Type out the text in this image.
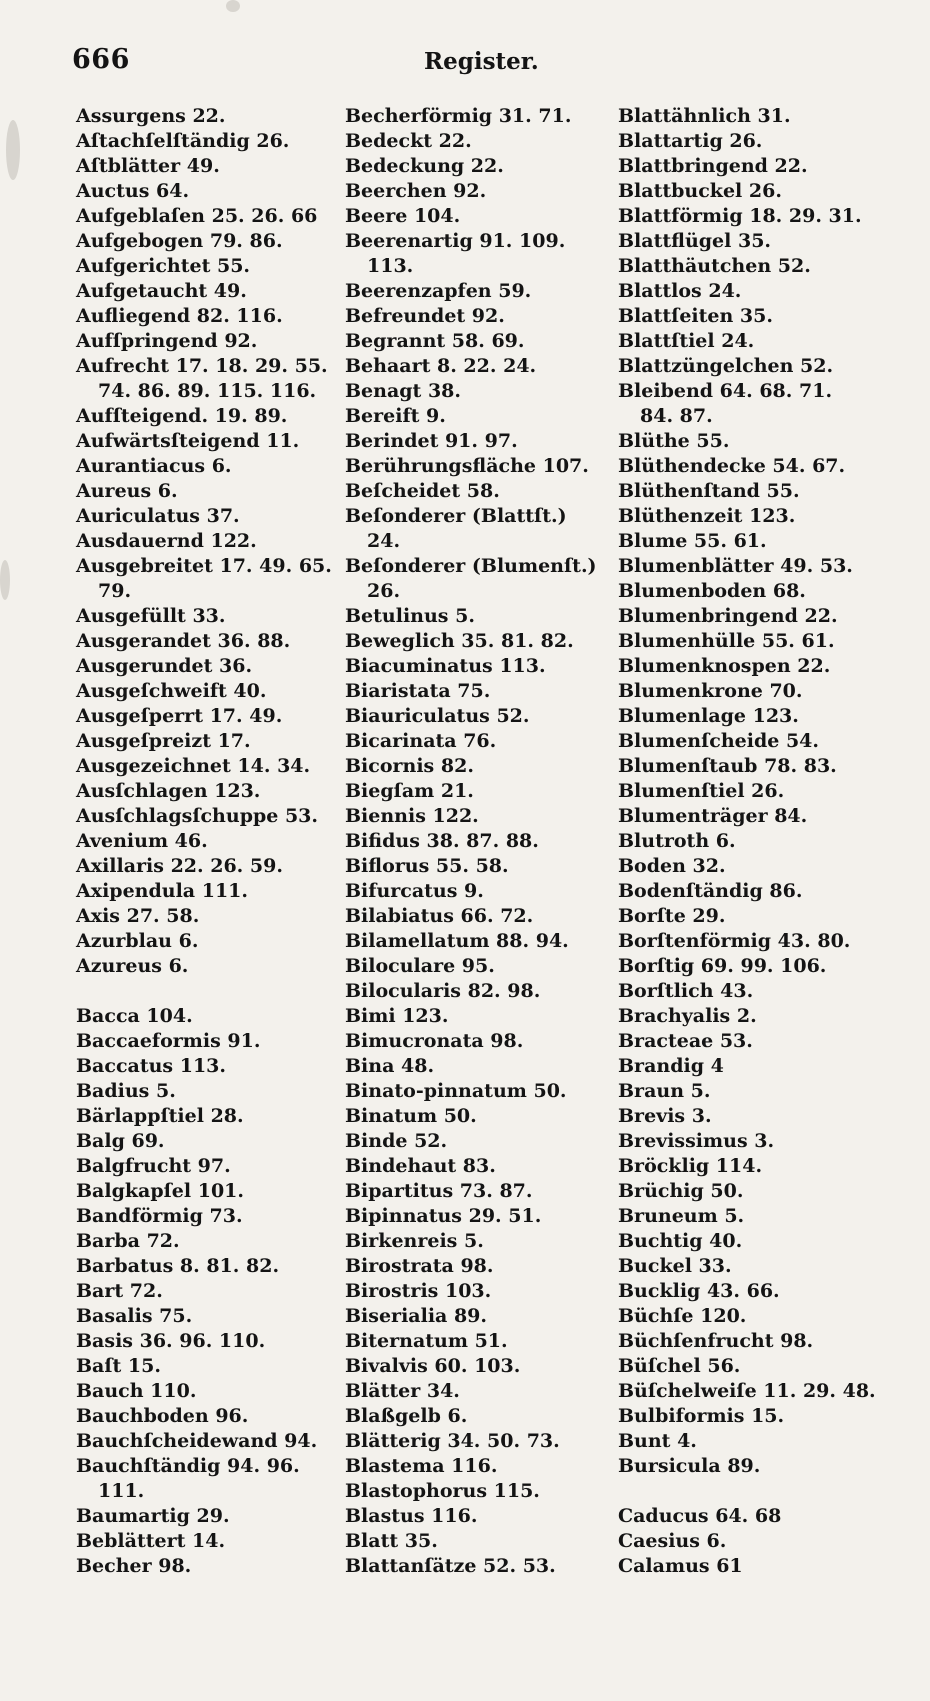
666	Register.
Assurgens 22.
Aſtachſelſtändig 26.
Aſtblätter 49.
Auctus 64.
Aufgeblaſen 25. 26. 66
Aufgebogen 79. 86.
Aufgerichtet 55.
Aufgetaucht 49.
Aufliegend 82. 116.
Aufſpringend 92.
Aufrecht 17. 18. 29. 55.
74. 86. 89. 115. 116.
Aufſteigend. 19. 89.
Aufwärtsſteigend 11.
Aurantiacus 6.
Aureus 6.
Auriculatus 37.
Ausdauernd 122.
Ausgebreitet 17. 49. 65.
79.
Ausgefüllt 33.
Ausgerandet 36. 88.
Ausgerundet 36.
Ausgeſchweift 40.
Ausgeſperrt 17. 49.
Ausgeſpreizt 17.
Ausgezeichnet 14. 34.
Ausſchlagen 123.
Ausſchlagsſchuppe 53.
Avenium 46.
Axillaris 22. 26. 59.
Axipendula 111.
Axis 27. 58.
Azurblau 6.
Azureus 6.
Bacca 104.
Baccaeformis 91.
Baccatus 113.
Badius 5.
Bärlappſtiel 28.
Balg 69.
Balgfrucht 97.
Balgkapſel 101.
Bandförmig 73.
Barba 72.
Barbatus 8. 81. 82.
Bart 72.
Basalis 75.
Basis 36. 96. 110.
Baſt 15.
Bauch 110.
Bauchboden 96.
Bauchſcheidewand 94.
Bauchſtändig 94. 96.
111.
Baumartig 29.
Beblättert 14.
Becher 98.
Becherförmig 31. 71.
Bedeckt 22.
Bedeckung 22.
Beerchen 92.
Beere 104.
Beerenartig 91. 109.
113.
Beerenzapfen 59.
Befreundet 92.
Begrannt 58. 69.
Behaart 8. 22. 24.
Benagt 38.
Bereift 9.
Berindet 91. 97.
Berührungsfläche 107.
Beſcheidet 58.
Beſonderer (Blattſt.)
24.
Beſonderer (Blumenſt.)
26.
Betulinus 5.
Beweglich 35. 81. 82.
Biacuminatus 113.
Biaristata 75.
Biauriculatus 52.
Bicarinata 76.
Bicornis 82.
Biegſam 21.
Biennis 122.
Bifidus 38. 87. 88.
Biflorus 55. 58.
Bifurcatus 9.
Bilabiatus 66. 72.
Bilamellatum 88. 94.
Biloculare 95.
Bilocularis 82. 98.
Bimi 123.
Bimucronata 98.
Bina 48.
Binato-pinnatum 50.
Binatum 50.
Binde 52.
Bindehaut 83.
Bipartitus 73. 87.
Bipinnatus 29. 51.
Birkenreis 5.
Birostrata 98.
Birostris 103.
Biserialia 89.
Biternatum 51.
Bivalvis 60. 103.
Blätter 34.
Blaßgelb 6.
Blätterig 34. 50. 73.
Blastema 116.
Blastophorus 115.
Blastus 116.
Blatt 35.
Blattanſätze 52. 53.
Blattähnlich 31.
Blattartig 26.
Blattbringend 22.
Blattbuckel 26.
Blattförmig 18. 29. 31.
Blattflügel 35.
Blatthäutchen 52.
Blattlos 24.
Blattſeiten 35.
Blattſtiel 24.
Blattzüngelchen 52.
Bleibend 64. 68. 71.
84. 87.
Blüthe 55.
Blüthendecke 54. 67.
Blüthenſtand 55.
Blüthenzeit 123.
Blume 55. 61.
Blumenblätter 49. 53.
Blumenboden 68.
Blumenbringend 22.
Blumenhülle 55. 61.
Blumenknospen 22.
Blumenkrone 70.
Blumenlage 123.
Blumenſcheide 54.
Blumenſtaub 78. 83.
Blumenſtiel 26.
Blumenträger 84.
Blutroth 6.
Boden 32.
Bodenſtändig 86.
Borſte 29.
Borſtenförmig 43. 80.
Borſtig 69. 99. 106.
Borſtlich 43.
Brachyalis 2.
Bracteae 53.
Brandig 4
Braun 5.
Brevis 3.
Brevissimus 3.
Bröcklig 114.
Brüchig 50.
Bruneum 5.
Buchtig 40.
Buckel 33.
Bucklig 43. 66.
Büchſe 120.
Büchſenfrucht 98.
Büſchel 56.
Büſchelweiſe 11. 29. 48.
Bulbiformis 15.
Bunt 4.
Bursicula 89.
Caducus 64. 68
Caesius 6.
Calamus 61
